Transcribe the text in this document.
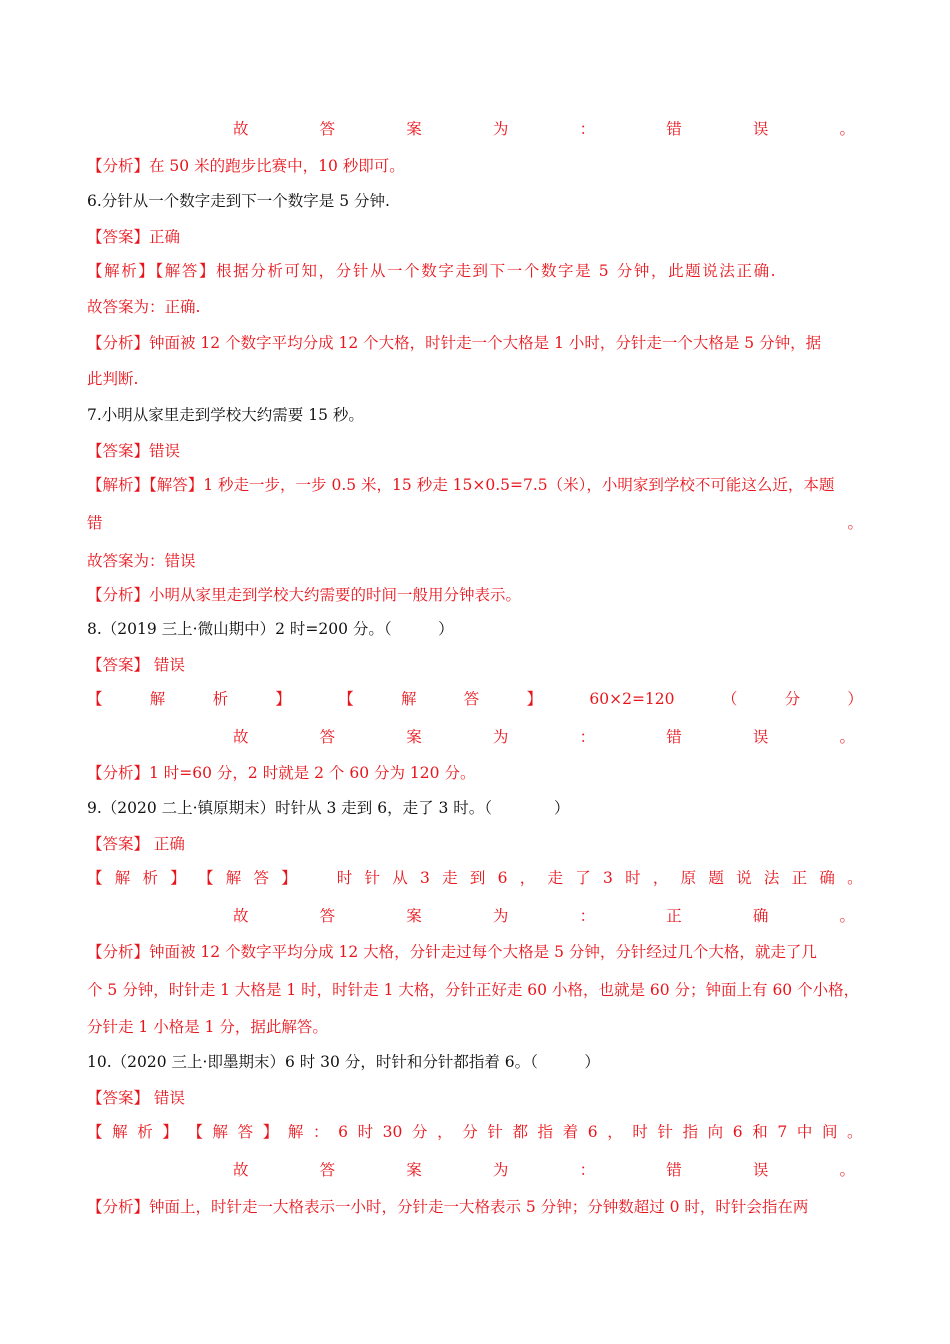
故	答	案	为	：	错	误	。
【分析】在 50 米的跑步比赛中，10 秒即可。
6.分针从一个数字走到下一个数字是 5 分钟.
【答案】正确
【解析】【解答】根据分析可知，分针从一个数字走到下一个数字是 5 分钟，此题说法正确.
故答案为：正确.
【分析】钟面被 12 个数字平均分成 12 个大格，时针走一个大格是 1 小时，分针走一个大格是 5 分钟，据
此判断.
7.小明从家里走到学校大约需要 15 秒。
【答案】错误
【解析】【解答】1 秒走一步，一步 0.5 米，15 秒走 15×0.5=7.5（米），小明家到学校不可能这么近，本题
错	。
故答案为：错误
【分析】小明从家里走到学校大约需要的时间一般用分钟表示。
8.（2019 三上·微山期中）2 时=200 分。（　　　）
【答案】 错误
【	解	析	】	【	解	答	】	60×2=120	（	分	）
故	答	案	为	：	错	误	。
【分析】1 时=60 分，2 时就是 2 个 60 分为 120 分。
9.（2020 二上·镇原期末）时针从 3 走到 6，走了 3 时。（　　　　）
【答案】 正确
【 解 析 】 【 解 答 】
　	时 针 从 3 走 到 6 ， 走 了 3 时 ， 原 题 说 法 正 确 。
故	答	案	为	：	正	确	。
【分析】钟面被 12 个数字平均分成 12 大格，分针走过每个大格是 5 分钟，分针经过几个大格，就走了几
个 5 分钟，时针走 1 大格是 1 时，时针走 1 大格，分针正好走 60 小格，也就是 60 分；钟面上有 60 个小格，
分针走 1 小格是 1 分，据此解答。
10.（2020 三上·即墨期末）6 时 30 分，时针和分针都指着 6。（　　　）
【答案】 错误
【 解 析 】 【 解 答 】 解 ： 6 时 30 分 ， 分 针 都 指 着 6 ， 时 针 指 向 6 和 7 中 间 。
故	答	案	为	：	错	误	。
【分析】钟面上，时针走一大格表示一小时，分针走一大格表示 5 分钟；分钟数超过 0 时，时针会指在两
